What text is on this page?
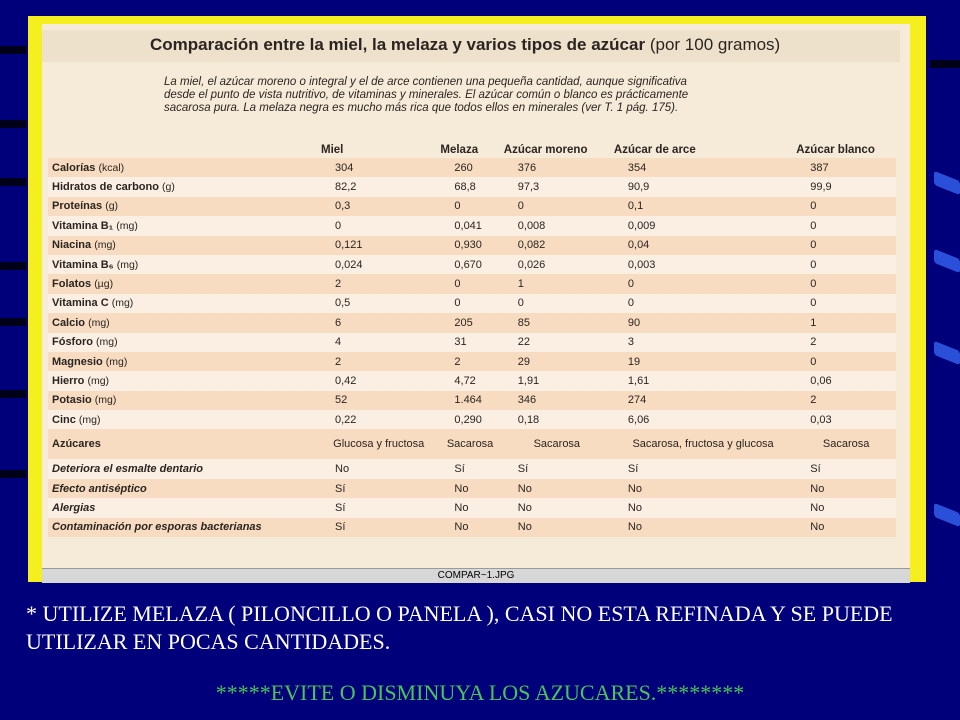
Comparación entre la miel, la melaza y varios tipos de azúcar (por 100 gramos)
La miel, el azúcar moreno o integral y el de arce contienen una pequeña cantidad, aunque significativa
desde el punto de vista nutritivo, de vitaminas y minerales. El azúcar común o blanco es prácticamente
sacarosa pura. La melaza negra es mucho más rica que todos ellos en minerales (ver T. 1 pág. 175).
	Miel	Melaza	Azúcar moreno	Azúcar de arce	Azúcar blanco
Calorías (kcal)	304	260	376	354	387
Hidratos de carbono (g)	82,2	68,8	97,3	90,9	99,9
Proteínas (g)	0,3	0	0	0,1	0
Vitamina B₁ (mg)	0	0,041	0,008	0,009	0
Niacina (mg)	0,121	0,930	0,082	0,04	0
Vitamina B₆ (mg)	0,024	0,670	0,026	0,003	0
Folatos (µg)	2	0	1	0	0
Vitamina C (mg)	0,5	0	0	0	0
Calcio (mg)	6	205	85	90	1
Fósforo (mg)	4	31	22	3	2
Magnesio (mg)	2	2	29	19	0
Hierro (mg)	0,42	4,72	1,91	1,61	0,06
Potasio (mg)	52	1.464	346	274	2
Cinc (mg)	0,22	0,290	0,18	6,06	0,03
Azúcares	Glucosa y fructosa	Sacarosa	Sacarosa	Sacarosa, fructosa y glucosa	Sacarosa
Deteriora el esmalte dentario	No	Sí	Sí	Sí	Sí
Efecto antiséptico	Sí	No	No	No	No
Alergias	Sí	No	No	No	No
Contaminación por esporas bacterianas	Sí	No	No	No	No
COMPAR~1.JPG
* UTILIZE MELAZA ( PILONCILLO O PANELA ), CASI NO ESTA REFINADA Y SE PUEDE UTILIZAR EN POCAS CANTIDADES.
*****EVITE O DISMINUYA LOS AZUCARES.********
